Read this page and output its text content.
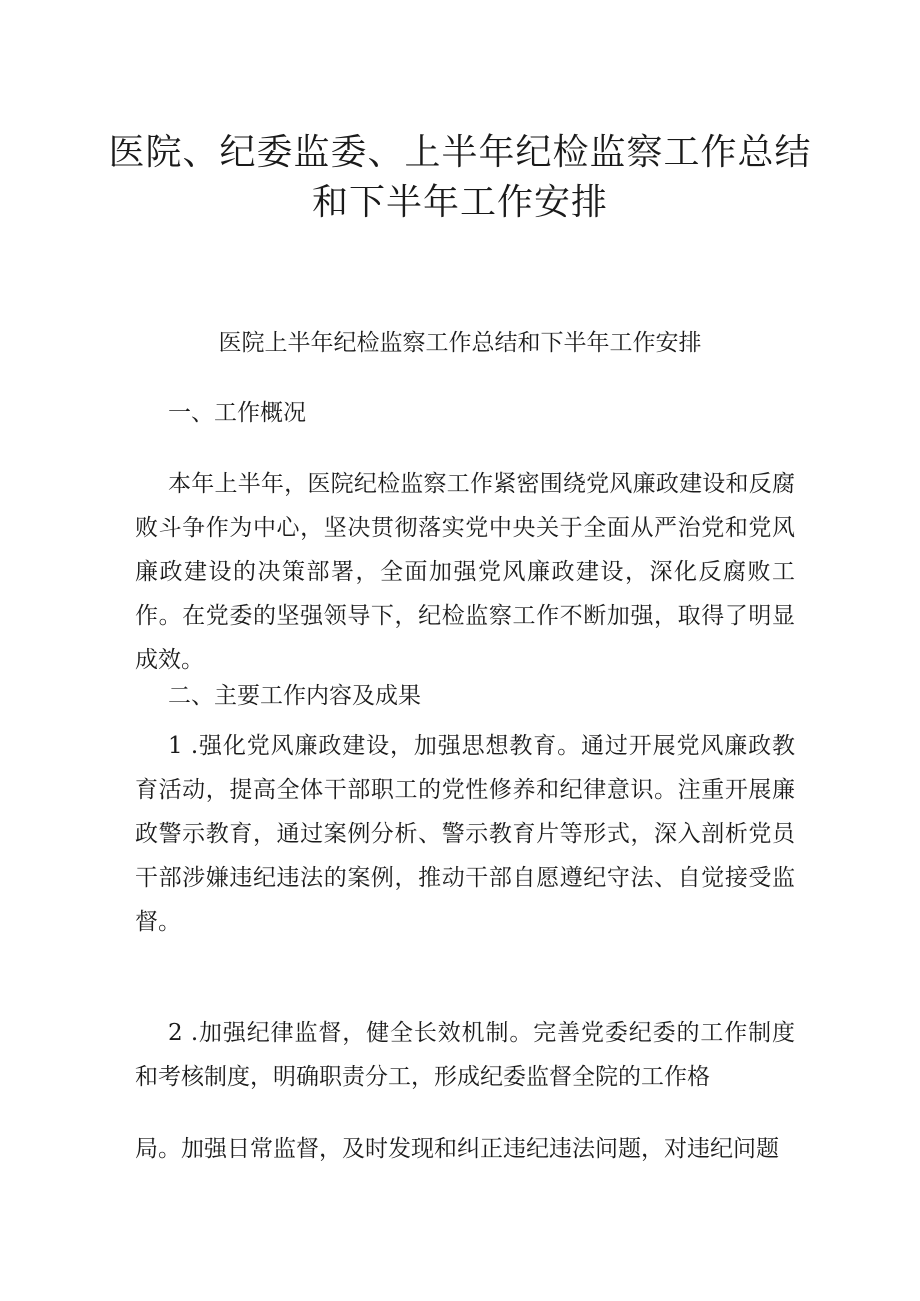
医院、纪委监委、上半年纪检监察工作总结
和下半年工作安排

医院上半年纪检监察工作总结和下半年工作安排

一、工作概况

本年上半年，医院纪检监察工作紧密围绕党风廉政建设和反腐败斗争作为中心，坚决贯彻落实党中央关于全面从严治党和党风廉政建设的决策部署，全面加强党风廉政建设，深化反腐败工作。在党委的坚强领导下，纪检监察工作不断加强，取得了明显成效。

二、主要工作内容及成果

1 .强化党风廉政建设，加强思想教育。通过开展党风廉政教育活动，提高全体干部职工的党性修养和纪律意识。注重开展廉政警示教育，通过案例分析、警示教育片等形式，深入剖析党员干部涉嫌违纪违法的案例，推动干部自愿遵纪守法、自觉接受监督。

2 .加强纪律监督，健全长效机制。完善党委纪委的工作制度和考核制度，明确职责分工，形成纪委监督全院的工作格

局。加强日常监督，及时发现和纠正违纪违法问题，对违纪问题
